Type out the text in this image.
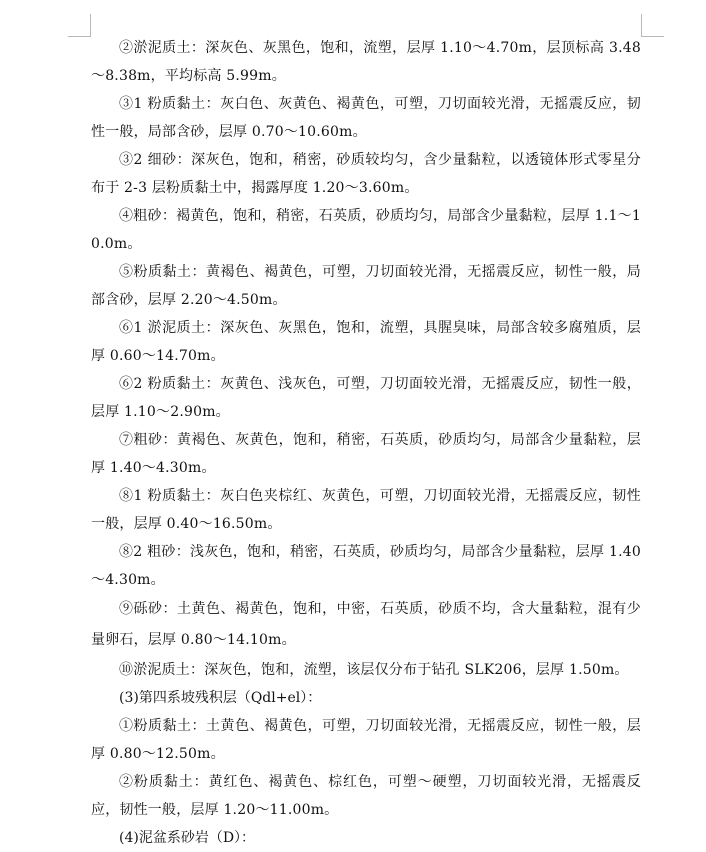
②淤泥质土：深灰色、灰黑色，饱和，流塑，层厚 1.10～4.70m，层顶标高 3.48～8.38m，平均标高 5.99m。

③1 粉质黏土：灰白色、灰黄色、褐黄色，可塑，刀切面较光滑，无摇震反应，韧性一般，局部含砂，层厚 0.70～10.60m。

③2 细砂：深灰色，饱和，稍密，砂质较均匀，含少量黏粒，以透镜体形式零星分布于 2-3 层粉质黏土中，揭露厚度 1.20～3.60m。

④粗砂：褐黄色，饱和，稍密，石英质，砂质均匀，局部含少量黏粒，层厚 1.1～10.0m。

⑤粉质黏土：黄褐色、褐黄色，可塑，刀切面较光滑，无摇震反应，韧性一般，局部含砂，层厚 2.20～4.50m。

⑥1 淤泥质土：深灰色、灰黑色，饱和，流塑，具腥臭味，局部含较多腐殖质，层厚 0.60～14.70m。

⑥2 粉质黏土：灰黄色、浅灰色，可塑，刀切面较光滑，无摇震反应，韧性一般，层厚 1.10～2.90m。

⑦粗砂：黄褐色、灰黄色，饱和，稍密，石英质，砂质均匀，局部含少量黏粒，层厚 1.40～4.30m。

⑧1 粉质黏土：灰白色夹棕红、灰黄色，可塑，刀切面较光滑，无摇震反应，韧性一般，层厚 0.40～16.50m。

⑧2 粗砂：浅灰色，饱和，稍密，石英质，砂质均匀，局部含少量黏粒，层厚 1.40～4.30m。

⑨砾砂：土黄色、褐黄色，饱和，中密，石英质，砂质不均，含大量黏粒，混有少量卵石，层厚 0.80～14.10m。

⑩淤泥质土：深灰色，饱和，流塑，该层仅分布于钻孔 SLK206，层厚 1.50m。

(3)第四系坡残积层（Qdl+el）：

①粉质黏土：土黄色、褐黄色，可塑，刀切面较光滑，无摇震反应，韧性一般，层厚 0.80～12.50m。

②粉质黏土：黄红色、褐黄色、棕红色，可塑～硬塑，刀切面较光滑，无摇震反应，韧性一般，层厚 1.20～11.00m。

(4)泥盆系砂岩（D）：
